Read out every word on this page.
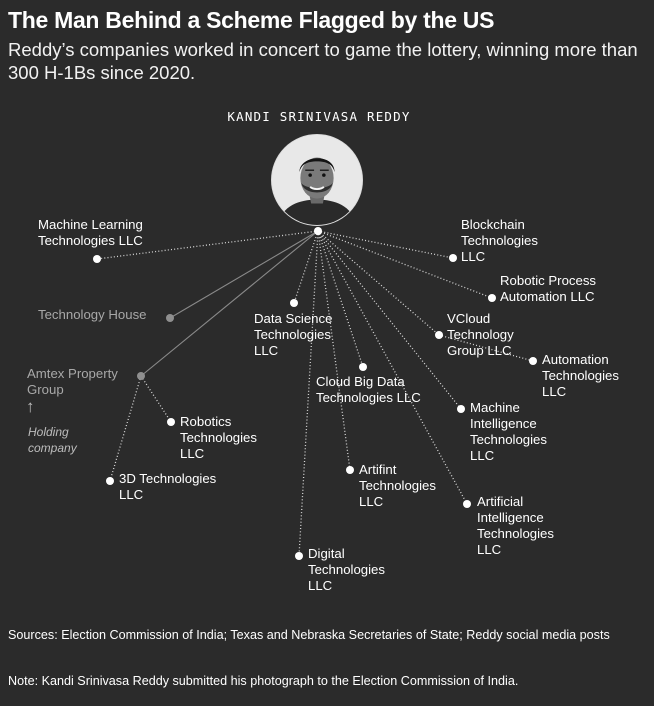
The Man Behind a Scheme Flagged by the US

Reddy’s companies worked in concert to game the lottery, winning more than 300 H-1Bs since 2020.

KANDI SRINIVASA REDDY
Machine Learning
Technologies LLC
Technology House
Amtex Property
Group
↑
Holding
company
Robotics
Technologies
LLC
3D Technologies
LLC
Digital
Technologies
LLC
Data Science
Technologies
LLC
Cloud Big Data
Technologies LLC
Artifint
Technologies
LLC	Artificial
Intelligence
Technologies
LLC
Machine
Intelligence
Technologies
LLC
Automation
Technologies
LLC
VCloud
Technology
Group LLC
Robotic Process
Automation LLC
Blockchain
Technologies
LLC
Sources: Election Commission of India; Texas and Nebraska Secretaries of State; Reddy social media posts
Note: Kandi Srinivasa Reddy submitted his photograph to the Election Commission of India.
